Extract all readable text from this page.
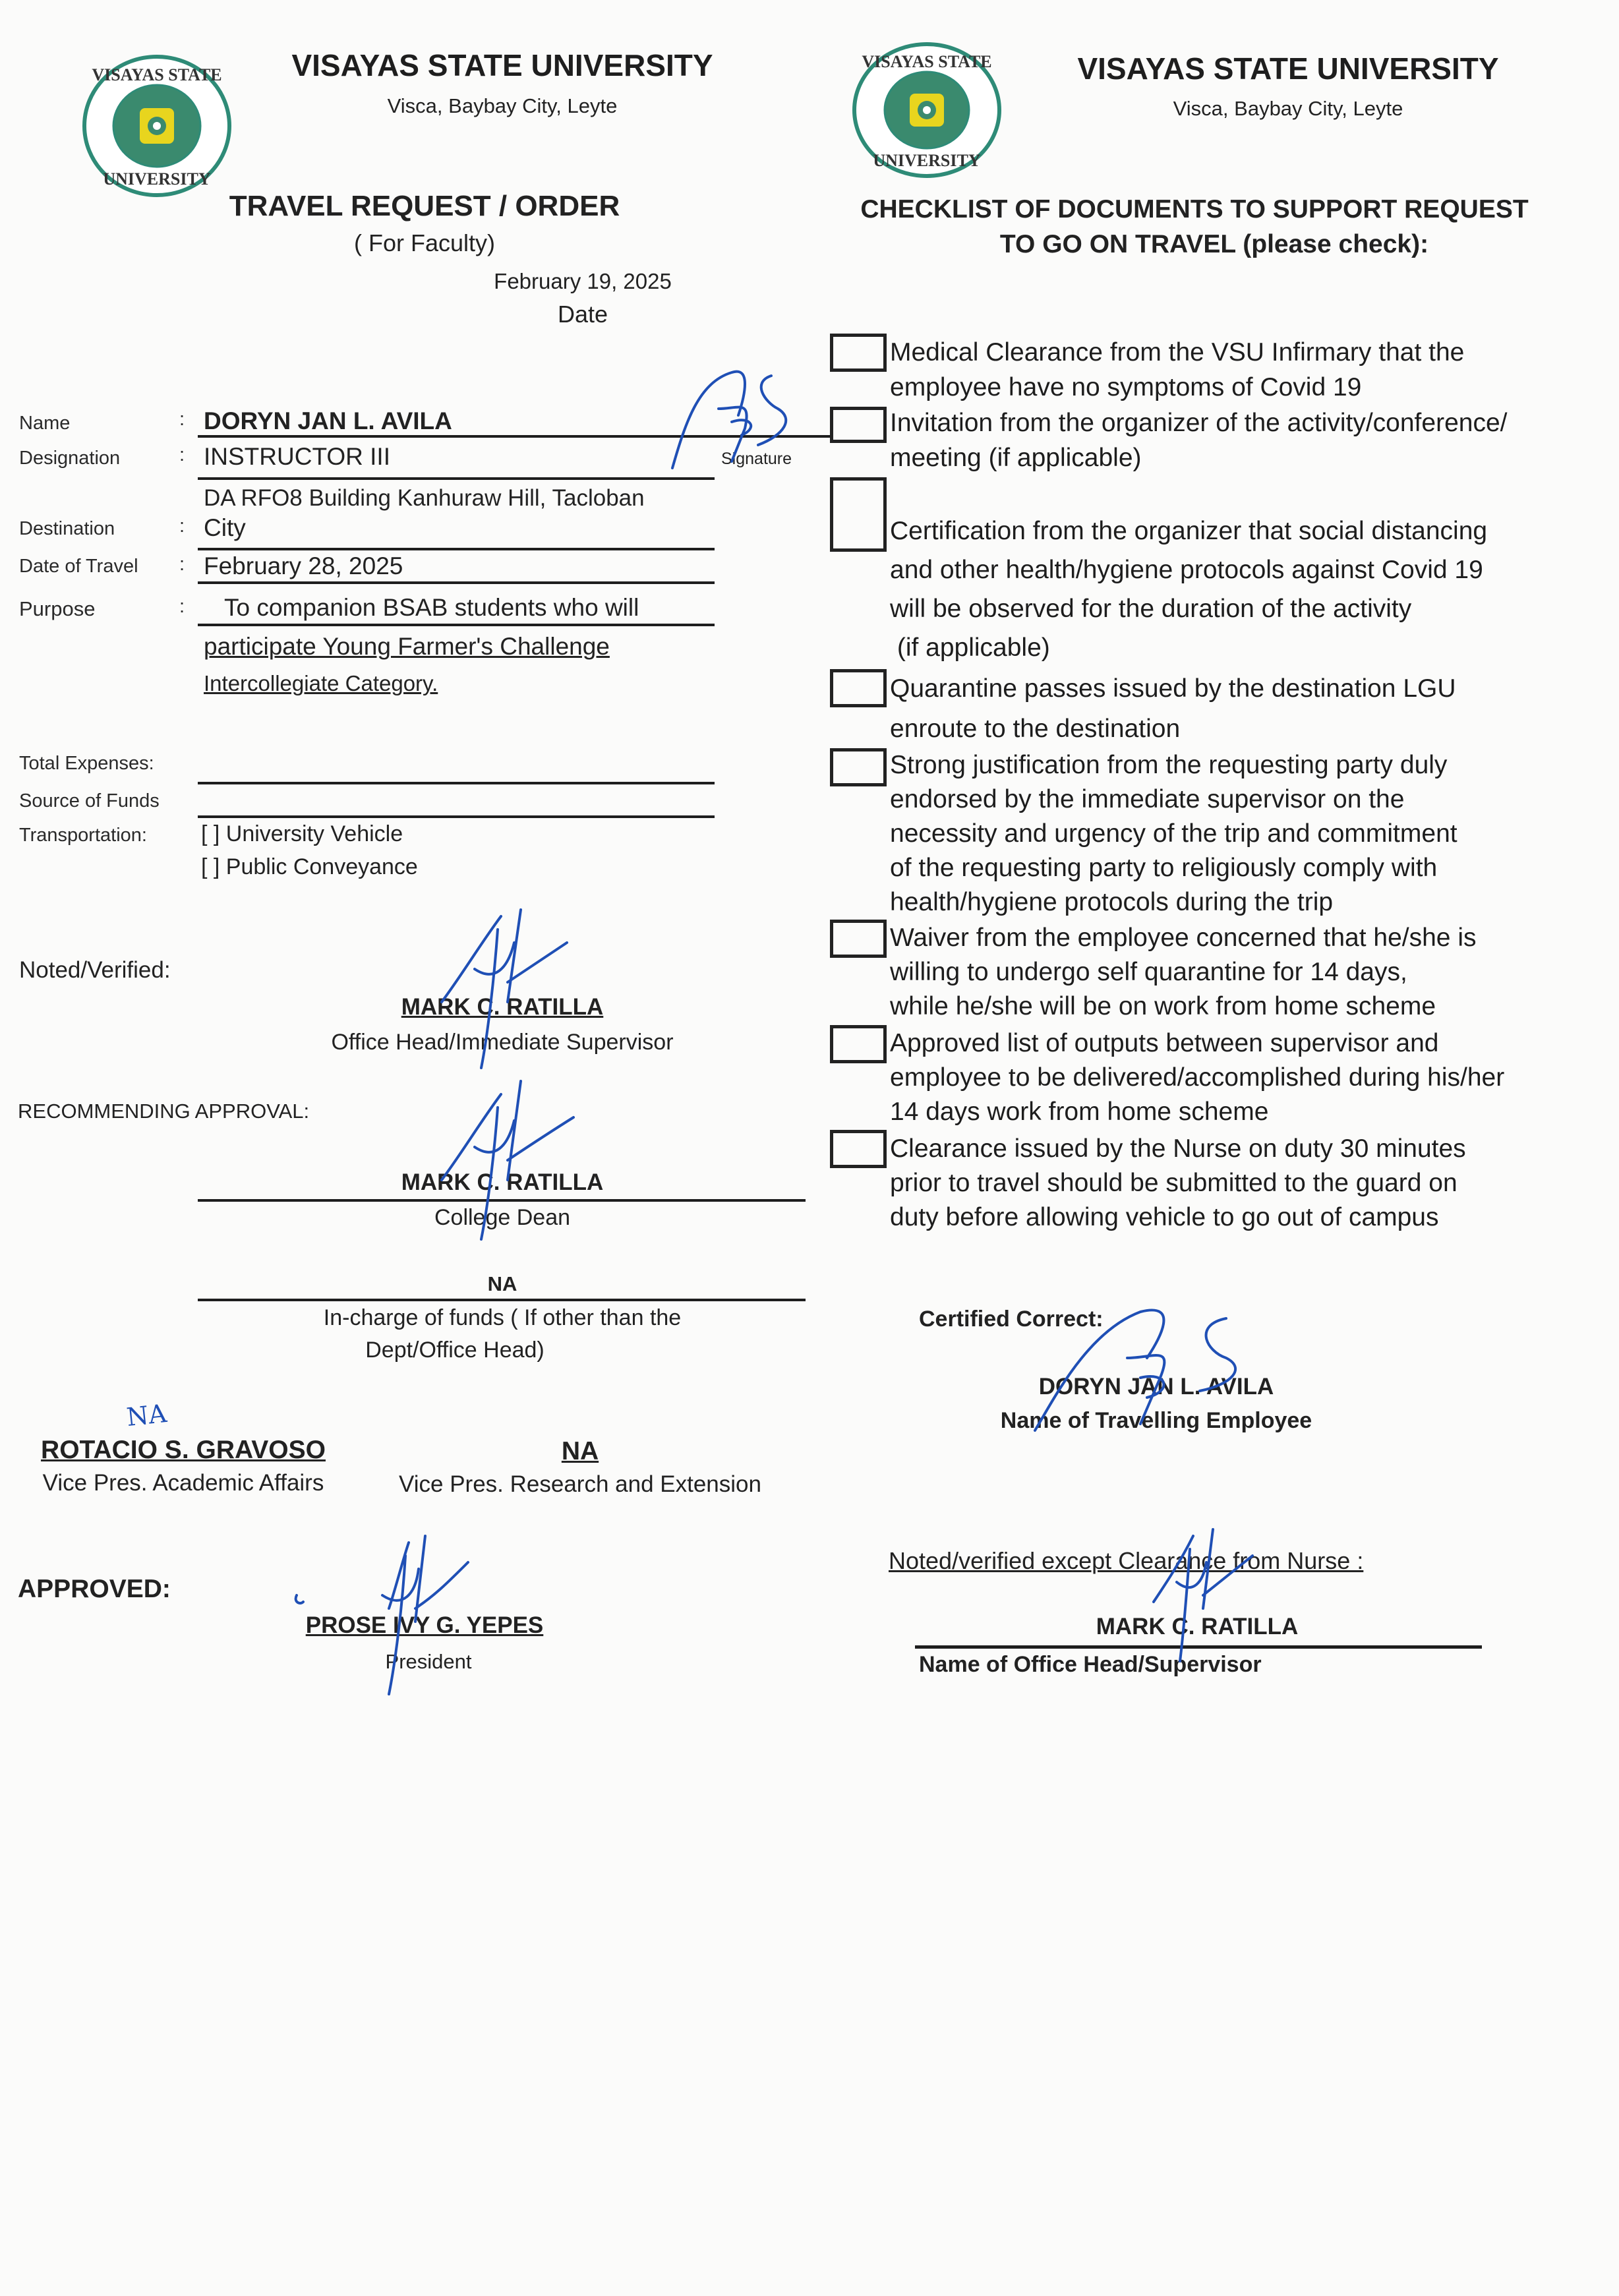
VISAYAS STATE
UNIVERSITY
VISAYAS STATE
UNIVERSITY
VISAYAS STATE UNIVERSITY
Visca, Baybay City, Leyte
TRAVEL REQUEST / ORDER
( For Faculty)
February 19, 2025
Date
VISAYAS STATE UNIVERSITY
Visca, Baybay City, Leyte
CHECKLIST OF DOCUMENTS TO SUPPORT REQUEST
TO GO ON TRAVEL (please check):
Name	: DORYN JAN L. AVILA
Signature
Designation	: INSTRUCTOR III
DA RFO8 Building Kanhuraw Hill, Tacloban
Destination	: City
Date of Travel : February 28, 2025
Purpose	: To companion BSAB students who will
participate Young Farmer's Challenge
Intercollegiate Category.
Total Expenses:
Source of Funds
Transportation: [ ] University Vehicle
[ ] Public Conveyance
Noted/Verified:
MARK C. RATILLA
Office Head/Immediate Supervisor
RECOMMENDING APPROVAL:
MARK C. RATILLA
College Dean
NA
In-charge of funds ( If other than the
Dept/Office Head)
NA
ROTACIO S. GRAVOSO
Vice Pres. Academic Affairs
NA
Vice Pres. Research and Extension
APPROVED:
PROSE IVY G. YEPES
President
Medical Clearance from the VSU Infirmary that the
employee have no symptoms of Covid 19
Invitation from the organizer of the activity/conference/
meeting (if applicable)
Certification from the organizer that social distancing
and other health/hygiene protocols against Covid 19
will be observed for the duration of the activity
(if applicable)
Quarantine passes issued by the destination LGU
enroute to the destination
Strong justification from the requesting party duly
endorsed by the immediate supervisor on the
necessity and urgency of the trip and commitment
of the requesting party to religiously comply with
health/hygiene protocols during the trip
Waiver from the employee concerned that he/she is
willing to undergo self quarantine for 14 days,
while he/she will be on work from home scheme
Approved list of outputs between supervisor and
employee to be delivered/accomplished during his/her
14 days work from home scheme
Clearance issued by the Nurse on duty 30 minutes
prior to travel should be submitted to the guard on
duty before allowing vehicle to go out of campus
Certified Correct:
DORYN JAN L. AVILA
Name of Travelling Employee
Noted/verified except Clearance from Nurse :
MARK C. RATILLA
Name of Office Head/Supervisor
